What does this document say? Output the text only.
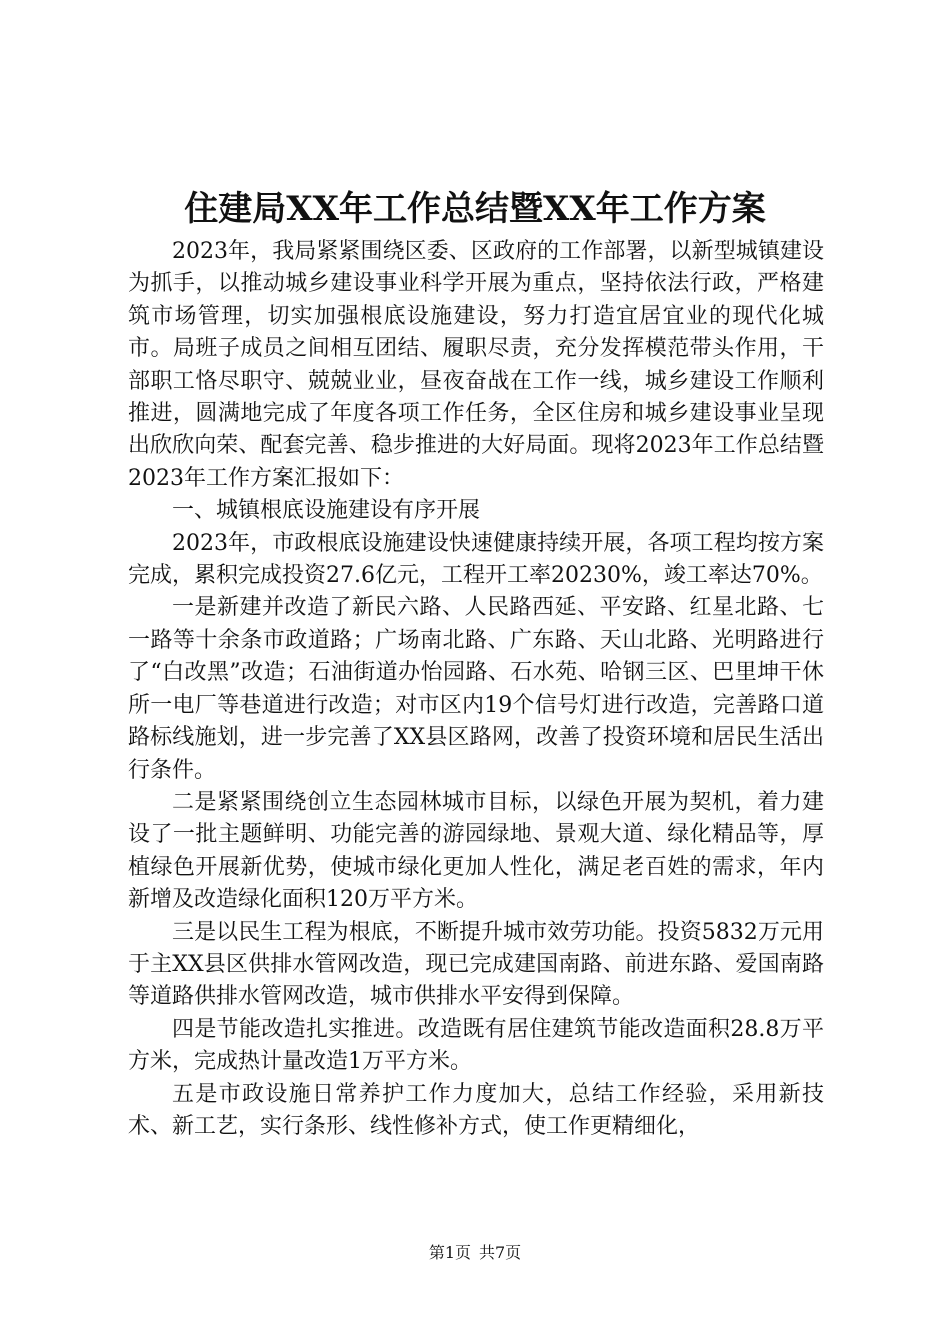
住建局XX年工作总结暨XX年工作方案

2023年，我局紧紧围绕区委、区政府的工作部署，以新型城镇建设为抓手，以推动城乡建设事业科学开展为重点，坚持依法行政，严格建筑市场管理，切实加强根底设施建设，努力打造宜居宜业的现代化城市。局班子成员之间相互团结、履职尽责，充分发挥模范带头作用，干部职工恪尽职守、兢兢业业，昼夜奋战在工作一线，城乡建设工作顺利推进，圆满地完成了年度各项工作任务，全区住房和城乡建设事业呈现出欣欣向荣、配套完善、稳步推进的大好局面。现将2023年工作总结暨2023年工作方案汇报如下：

一、城镇根底设施建设有序开展

2023年，市政根底设施建设快速健康持续开展，各项工程均按方案完成，累积完成投资27.6亿元，工程开工率20230%，竣工率达70%。

一是新建并改造了新民六路、人民路西延、平安路、红星北路、七一路等十余条市政道路；广场南北路、广东路、天山北路、光明路进行了“白改黑”改造；石油街道办怡园路、石水苑、哈钢三区、巴里坤干休所一电厂等巷道进行改造；对市区内19个信号灯进行改造，完善路口道路标线施划，进一步完善了XX县区路网，改善了投资环境和居民生活出行条件。

二是紧紧围绕创立生态园林城市目标，以绿色开展为契机，着力建设了一批主题鲜明、功能完善的游园绿地、景观大道、绿化精品等，厚植绿色开展新优势，使城市绿化更加人性化，满足老百姓的需求，年内新增及改造绿化面积120万平方米。

三是以民生工程为根底，不断提升城市效劳功能。投资5832万元用于主XX县区供排水管网改造，现已完成建国南路、前进东路、爱国南路等道路供排水管网改造，城市供排水平安得到保障。

四是节能改造扎实推进。改造既有居住建筑节能改造面积28.8万平方米，完成热计量改造1万平方米。

五是市政设施日常养护工作力度加大，总结工作经验，采用新技术、新工艺，实行条形、线性修补方式，使工作更精细化，

第1页 共7页
